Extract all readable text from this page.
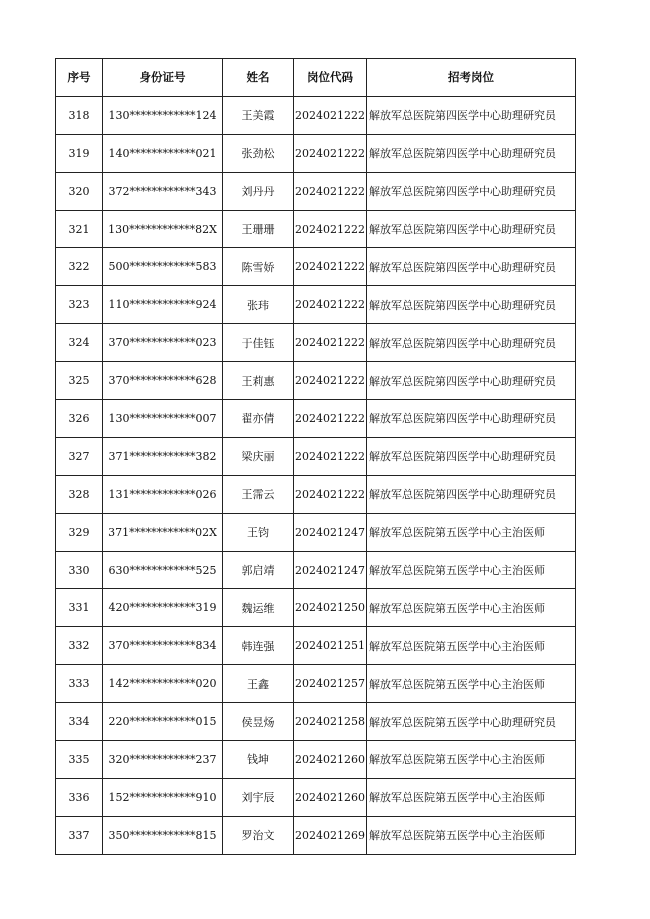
序号	身份证号	姓名	岗位代码	招考岗位
318	130************124	王美霞	2024021222	解放军总医院第四医学中心助理研究员
319	140************021	张劲松	2024021222	解放军总医院第四医学中心助理研究员
320	372************343	刘丹丹	2024021222	解放军总医院第四医学中心助理研究员
321	130************82X	王珊珊	2024021222	解放军总医院第四医学中心助理研究员
322	500************583	陈雪娇	2024021222	解放军总医院第四医学中心助理研究员
323	110************924	张玮	2024021222	解放军总医院第四医学中心助理研究员
324	370************023	于佳钰	2024021222	解放军总医院第四医学中心助理研究员
325	370************628	王莉惠	2024021222	解放军总医院第四医学中心助理研究员
326	130************007	翟亦倩	2024021222	解放军总医院第四医学中心助理研究员
327	371************382	梁庆丽	2024021222	解放军总医院第四医学中心助理研究员
328	131************026	王霈云	2024021222	解放军总医院第四医学中心助理研究员
329	371************02X	王钧	2024021247	解放军总医院第五医学中心主治医师
330	630************525	郭启靖	2024021247	解放军总医院第五医学中心主治医师
331	420************319	魏运维	2024021250	解放军总医院第五医学中心主治医师
332	370************834	韩连强	2024021251	解放军总医院第五医学中心主治医师
333	142************020	王鑫	2024021257	解放军总医院第五医学中心主治医师
334	220************015	侯昱炀	2024021258	解放军总医院第五医学中心助理研究员
335	320************237	钱坤	2024021260	解放军总医院第五医学中心主治医师
336	152************910	刘宇辰	2024021260	解放军总医院第五医学中心主治医师
337	350************815	罗治文	2024021269	解放军总医院第五医学中心主治医师
